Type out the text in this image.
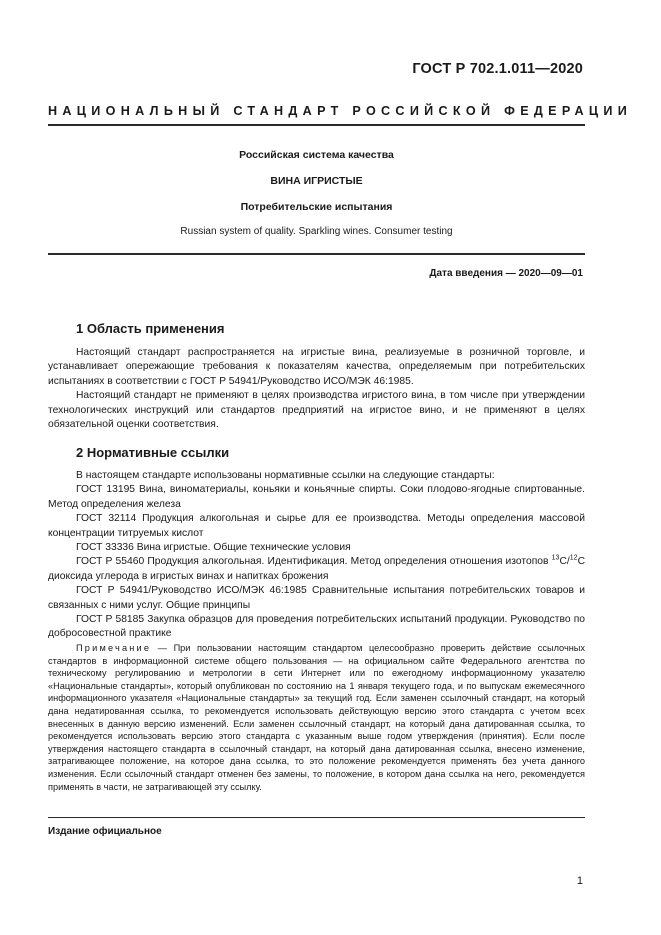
ГОСТ Р 702.1.011—2020
НАЦИОНАЛЬНЫЙ СТАНДАРТ РОССИЙСКОЙ ФЕДЕРАЦИИ
Российская система качества
ВИНА ИГРИСТЫЕ
Потребительские испытания
Russian system of quality. Sparkling wines. Consumer testing
Дата введения — 2020—09—01
1 Область применения

Настоящий стандарт распространяется на игристые вина, реализуемые в розничной торговле, и устанавливает опережающие требования к показателям качества, определяемым при потребительских испытаниях в соответствии с ГОСТ Р 54941/Руководство ИСО/МЭК 46:1985.

Настоящий стандарт не применяют в целях производства игристого вина, в том числе при утверждении технологических инструкций или стандартов предприятий на игристое вино, и не применяют в целях обязательной оценки соответствия.

2 Нормативные ссылки

В настоящем стандарте использованы нормативные ссылки на следующие стандарты:

ГОСТ 13195 Вина, виноматериалы, коньяки и коньячные спирты. Соки плодово-ягодные спиртованные. Метод определения железа

ГОСТ 32114 Продукция алкогольная и сырье для ее производства. Методы определения массовой концентрации титруемых кислот

ГОСТ 33336 Вина игристые. Общие технические условия

ГОСТ Р 55460 Продукция алкогольная. Идентификация. Метод определения отношения изотопов $^{13}$С/$^{12}$С диоксида углерода в игристых винах и напитках брожения

ГОСТ Р 54941/Руководство ИСО/МЭК 46:1985 Сравнительные испытания потребительских товаров и связанных с ними услуг. Общие принципы

ГОСТ Р 58185 Закупка образцов для проведения потребительских испытаний продукции. Руководство по добросовестной практике

Примечание — При пользовании настоящим стандартом целесообразно проверить действие ссылочных стандартов в информационной системе общего пользования — на официальном сайте Федерального агентства по техническому регулированию и метрологии в сети Интернет или по ежегодному информационному указателю «Национальные стандарты», который опубликован по состоянию на 1 января текущего года, и по выпускам ежемесячного информационного указателя «Национальные стандарты» за текущий год. Если заменен ссылочный стандарт, на который дана недатированная ссылка, то рекомендуется использовать действующую версию этого стандарта с учетом всех внесенных в данную версию изменений. Если заменен ссылочный стандарт, на который дана датированная ссылка, то рекомендуется использовать версию этого стандарта с указанным выше годом утверждения (принятия). Если после утверждения настоящего стандарта в ссылочный стандарт, на который дана датированная ссылка, внесено изменение, затрагивающее положение, на которое дана ссылка, то это положение рекомендуется применять без учета данного изменения. Если ссылочный стандарт отменен без замены, то положение, в котором дана ссылка на него, рекомендуется применять в части, не затрагивающей эту ссылку.

Издание официальное
1
